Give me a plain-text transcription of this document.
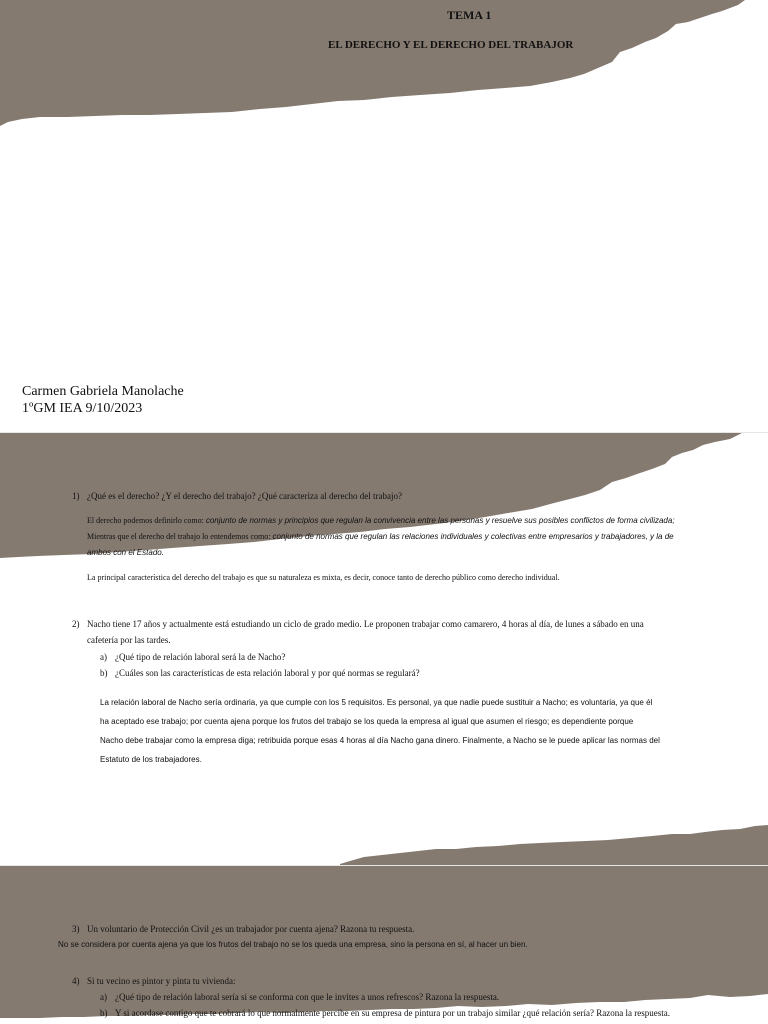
TEMA 1
EL DERECHO Y EL DERECHO DEL TRABAJOR
Carmen Gabriela Manolache
1ºGM IEA 9/10/2023
1) ¿Qué es el derecho? ¿Y el derecho del trabajo? ¿Qué caracteriza al derecho del trabajo?
El derecho podemos definirlo como: conjunto de normas y principios que regulan la convivencia entre las personas y resuelve sus posibles conflictos de forma civilizada;
Mientras que el derecho del trabajo lo entendemos como: conjunto de normas que regulan las relaciones individuales y colectivas entre empresarios y trabajadores, y la de
ambos con el Estado.
La principal característica del derecho del trabajo es que su naturaleza es mixta, es decir, conoce tanto de derecho público como derecho individual.
2) Nacho tiene 17 años y actualmente está estudiando un ciclo de grado medio. Le proponen trabajar como camarero, 4 horas al día, de lunes a sábado en una
cafetería por las tardes.
a) ¿Qué tipo de relación laboral será la de Nacho?
b) ¿Cuáles son las características de esta relación laboral y por qué normas se regulará?
La relación laboral de Nacho sería ordinaria, ya que cumple con los 5 requisitos. Es personal, ya que nadie puede sustituir a Nacho; es voluntaria, ya que él
ha aceptado ese trabajo; por cuenta ajena porque los frutos del trabajo se los queda la empresa al igual que asumen el riesgo; es dependiente porque
Nacho debe trabajar como la empresa diga; retribuida porque esas 4 horas al día Nacho gana dinero. Finalmente, a Nacho se le puede aplicar las normas del
Estatuto de los trabajadores.
3) Un voluntario de Protección Civil ¿es un trabajador por cuenta ajena? Razona tu respuesta.
No se considera por cuenta ajena ya que los frutos del trabajo no se los queda una empresa, sino la persona en sí, al hacer un bien.
4) Si tu vecino es pintor y pinta tu vivienda:
a) ¿Qué tipo de relación laboral sería si se conforma con que le invites a unos refrescos? Razona la respuesta.
b) Y si acordase contigo que te cobrará lo que normalmente percibe en su empresa de pintura por un trabajo similar ¿qué relación sería? Razona la respuesta.
